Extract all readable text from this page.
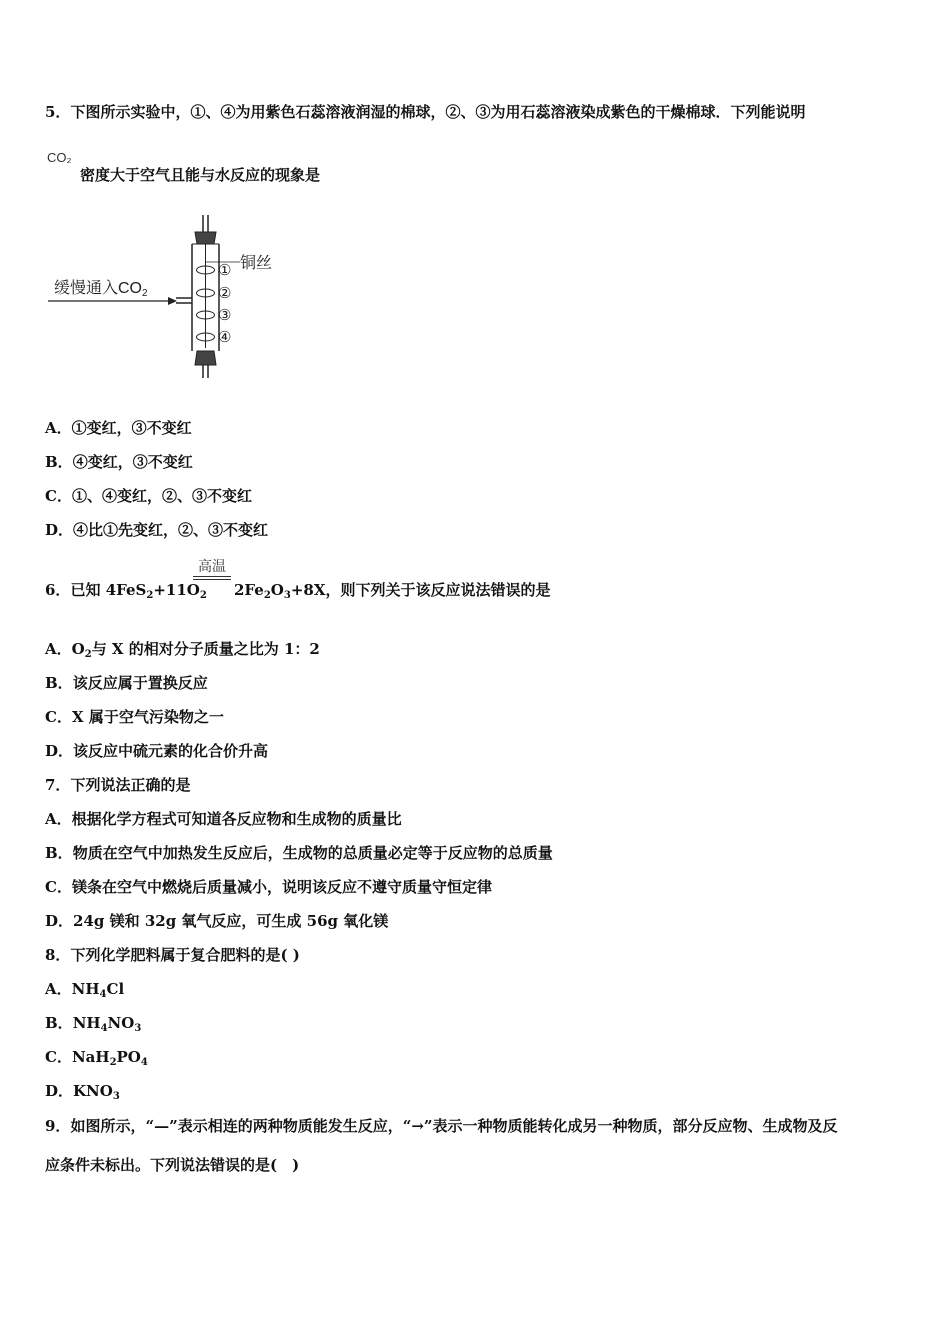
5．下图所示实验中，①、④为用紫色石蕊溶液润湿的棉球，②、③为用石蕊溶液染成紫色的干燥棉球．下列能说明
CO₂
密度大于空气且能与水反应的现象是
缓慢通入CO2
铜丝
①
②
③
④
A．①变红，③不变红
B．④变红，③不变红
C．①、④变红，②、③不变红
D．④比①先变红，②、③不变红
高温
6．已知 $4FeS_2+11O_2$ $2Fe_2O_3+8X$，则下列关于该反应说法错误的是
A．$O_2$与 X 的相对分子质量之比为 1：2
B．该反应属于置换反应
C．X 属于空气污染物之一
D．该反应中硫元素的化合价升高
7．下列说法正确的是
A．根据化学方程式可知道各反应物和生成物的质量比
B．物质在空气中加热发生反应后，生成物的总质量必定等于反应物的总质量
C．镁条在空气中燃烧后质量减小，说明该反应不遵守质量守恒定律
D．24g 镁和 32g 氧气反应，可生成 56g 氧化镁
8．下列化学肥料属于复合肥料的是( )
A．$NH_4Cl$
B．$NH_4NO_3$
C．$NaH_2PO_4$
D．$KNO_3$
9．如图所示，“—”表示相连的两种物质能发生反应，“→”表示一种物质能转化成另一种物质，部分反应物、生成物及反
应条件未标出。下列说法错误的是(　)
